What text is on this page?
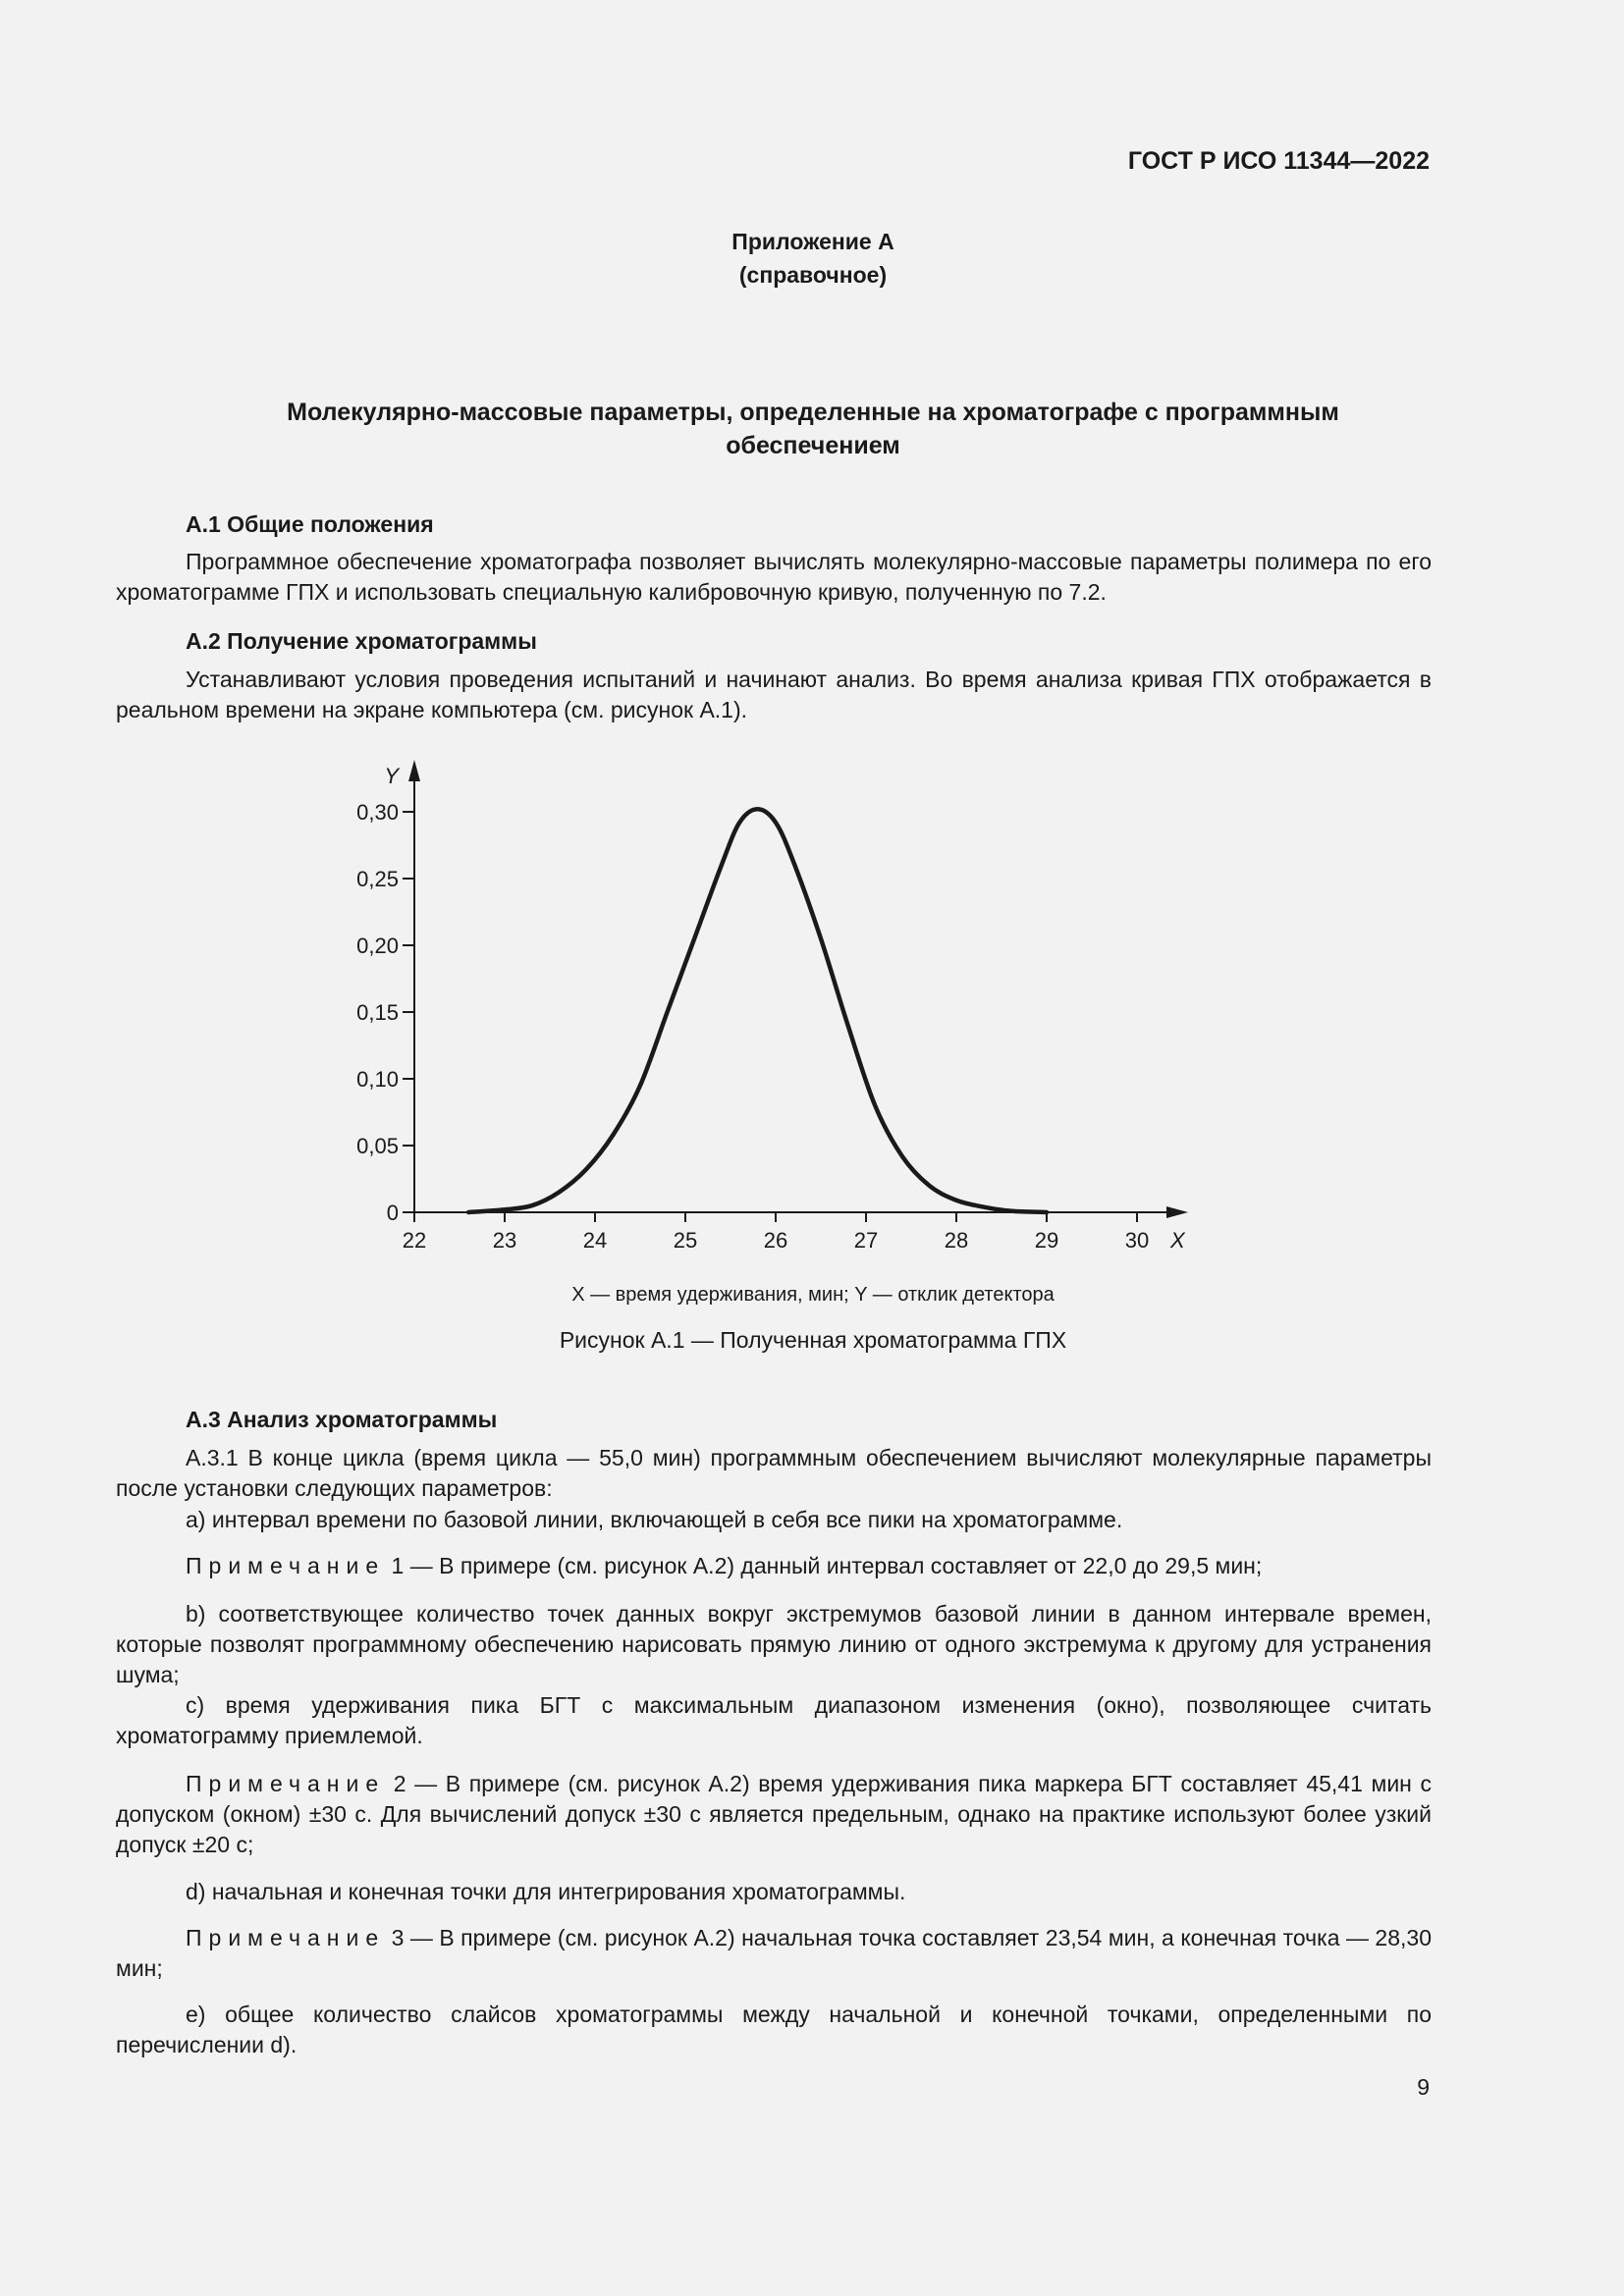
ГОСТ Р ИСО 11344—2022
Приложение А
(справочное)
Молекулярно-массовые параметры, определенные на хроматографе с программным
обеспечением
А.1 Общие положения
Программное обеспечение хроматографа позволяет вычислять молекулярно-массовые параметры полимера по его хроматограмме ГПХ и использовать специальную калибровочную кривую, полученную по 7.2.
А.2 Получение хроматограммы
Устанавливают условия проведения испытаний и начинают анализ. Во время анализа кривая ГПХ отображается в реальном времени на экране компьютера (см. рисунок А.1).
Y
X
0
0,05
0,10
0,15
0,20
0,25
0,30
22	23	24	25	26	27	28	29	30
X — время удерживания, мин; Y — отклик детектора
Рисунок А.1 — Полученная хроматограмма ГПХ
А.3 Анализ хроматограммы
А.3.1 В конце цикла (время цикла — 55,0 мин) программным обеспечением вычисляют молекулярные параметры после установки следующих параметров:
а) интервал времени по базовой линии, включающей в себя все пики на хроматограмме.
Примечание 1 — В примере (см. рисунок А.2) данный интервал составляет от 22,0 до 29,5 мин;
b) соответствующее количество точек данных вокруг экстремумов базовой линии в данном интервале времен, которые позволят программному обеспечению нарисовать прямую линию от одного экстремума к другому для устранения шума;
с) время удерживания пика БГТ с максимальным диапазоном изменения (окно), позволяющее считать хроматограмму приемлемой.
Примечание 2 — В примере (см. рисунок А.2) время удерживания пика маркера БГТ составляет 45,41 мин с допуском (окном) ±30 с. Для вычислений допуск ±30 с является предельным, однако на практике используют более узкий допуск ±20 с;
d) начальная и конечная точки для интегрирования хроматограммы.
Примечание 3 — В примере (см. рисунок А.2) начальная точка составляет 23,54 мин, а конечная точка — 28,30 мин;
е) общее количество слайсов хроматограммы между начальной и конечной точками, определенными по перечислении d).
9
